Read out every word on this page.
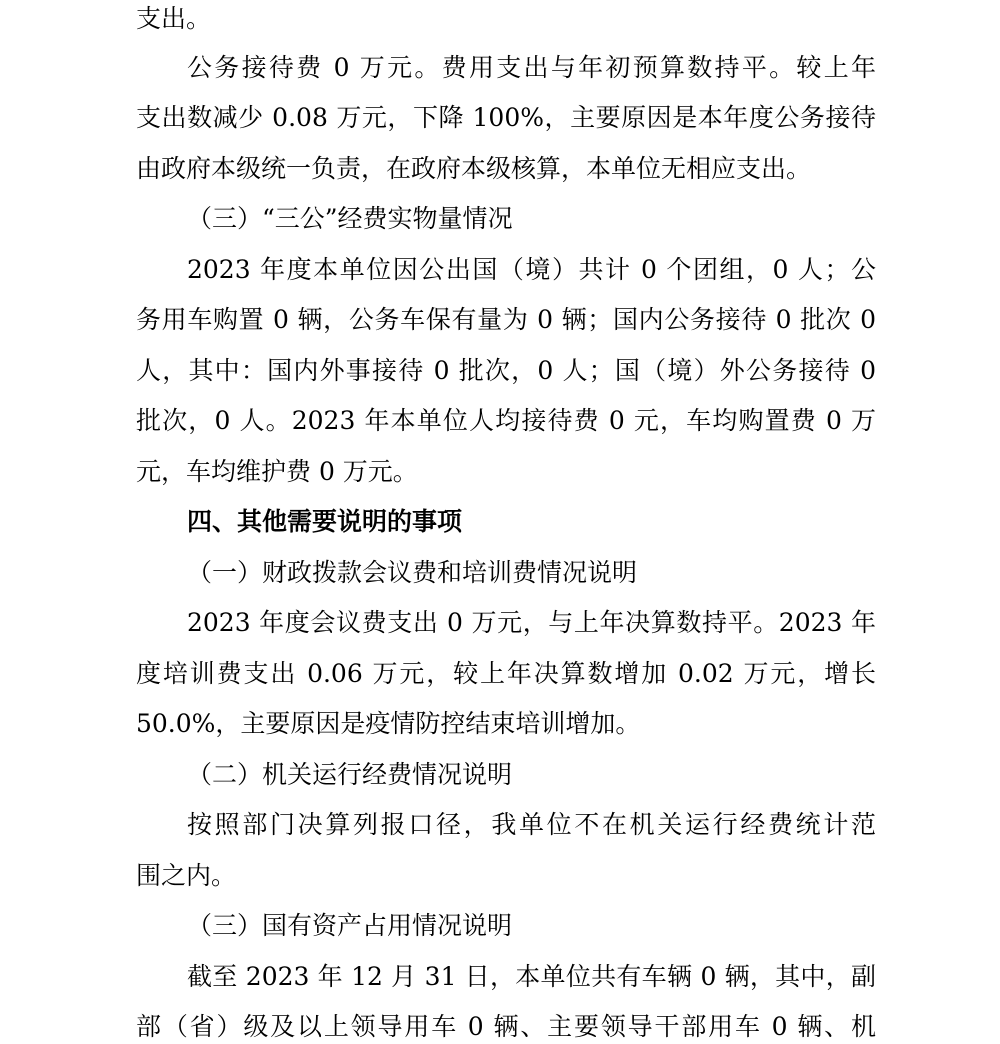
支出。
公务接待费 0 万元。费用支出与年初预算数持平。较上年
支出数减少 0.08 万元，下降 100%，主要原因是本年度公务接待
由政府本级统一负责，在政府本级核算，本单位无相应支出。
（三）“三公”经费实物量情况
2023 年度本单位因公出国（境）共计 0 个团组，0 人；公
务用车购置 0 辆，公务车保有量为 0 辆；国内公务接待 0 批次 0
人，其中：国内外事接待 0 批次，0 人；国（境）外公务接待 0
批次，0 人。2023 年本单位人均接待费 0 元，车均购置费 0 万
元，车均维护费 0 万元。
四、其他需要说明的事项
（一）财政拨款会议费和培训费情况说明
2023 年度会议费支出 0 万元，与上年决算数持平。2023 年
度培训费支出 0.06 万元，较上年决算数增加 0.02 万元，增长
50.0%，主要原因是疫情防控结束培训增加。
（二）机关运行经费情况说明
按照部门决算列报口径，我单位不在机关运行经费统计范
围之内。
（三）国有资产占用情况说明
截至 2023 年 12 月 31 日，本单位共有车辆 0 辆，其中，副
部（省）级及以上领导用车 0 辆、主要领导干部用车 0 辆、机
